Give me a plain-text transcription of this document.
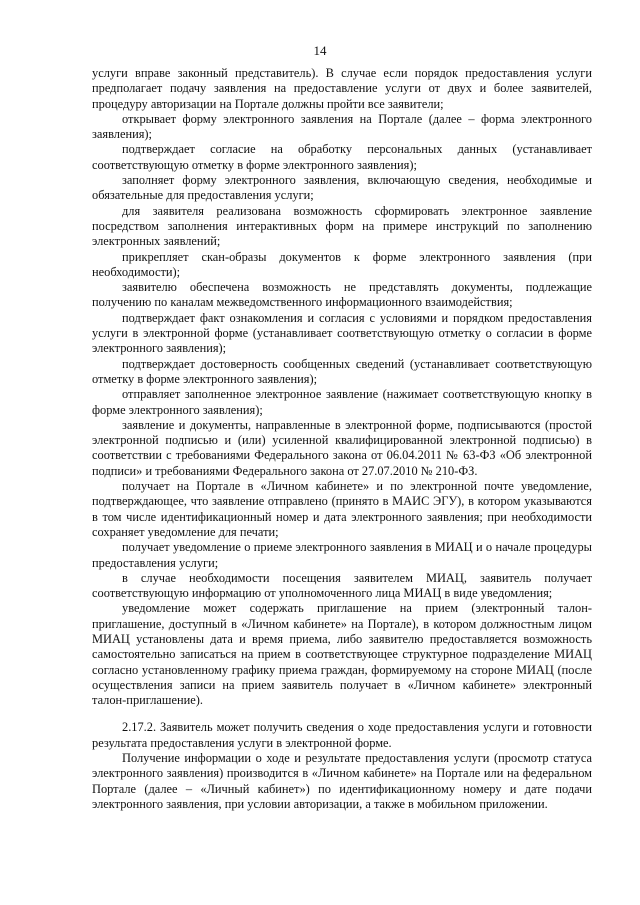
14

услуги вправе законный представитель). В случае если порядок предоставления услуги предполагает подачу заявления на предоставление услуги от двух и более заявителей, процедуру авторизации на Портале должны пройти все заявители;

открывает форму электронного заявления на Портале (далее – форма электронного заявления);

подтверждает согласие на обработку персональных данных (устанавливает соответствующую отметку в форме электронного заявления);

заполняет форму электронного заявления, включающую сведения, необходимые и обязательные для предоставления услуги;

для заявителя реализована возможность сформировать электронное заявление посредством заполнения интерактивных форм на примере инструкций по заполнению электронных заявлений;

прикрепляет скан-образы документов к форме электронного заявления (при необходимости);

заявителю обеспечена возможность не представлять документы, подлежащие получению по каналам межведомственного информационного взаимодействия;

подтверждает факт ознакомления и согласия с условиями и порядком предоставления услуги в электронной форме (устанавливает соответствующую отметку о согласии в форме электронного заявления);

подтверждает достоверность сообщенных сведений (устанавливает соответствующую отметку в форме электронного заявления);

отправляет заполненное электронное заявление (нажимает соответствующую кнопку в форме электронного заявления);

заявление и документы, направленные в электронной форме, подписываются (простой электронной подписью и (или) усиленной квалифицированной электронной подписью) в соответствии с требованиями Федерального закона от 06.04.2011 № 63-ФЗ «Об электронной подписи» и требованиями Федерального закона от 27.07.2010 № 210-ФЗ.

получает на Портале в «Личном кабинете» и по электронной почте уведомление, подтверждающее, что заявление отправлено (принято в МАИС ЭГУ), в котором указываются в том числе идентификационный номер и дата электронного заявления; при необходимости сохраняет уведомление для печати;

получает уведомление о приеме электронного заявления в МИАЦ и о начале процедуры предоставления услуги;

в случае необходимости посещения заявителем МИАЦ, заявитель получает соответствующую информацию от уполномоченного лица МИАЦ в виде уведомления;

уведомление может содержать приглашение на прием (электронный талон-приглашение, доступный в «Личном кабинете» на Портале), в котором должностным лицом МИАЦ установлены дата и время приема, либо заявителю предоставляется возможность самостоятельно записаться на прием в соответствующее структурное подразделение МИАЦ согласно установленному графику приема граждан, формируемому на стороне МИАЦ (после осуществления записи на прием заявитель получает в «Личном кабинете» электронный талон-приглашение).

2.17.2. Заявитель может получить сведения о ходе предоставления услуги и готовности результата предоставления услуги в электронной форме.

Получение информации о ходе и результате предоставления услуги (просмотр статуса электронного заявления) производится в «Личном кабинете» на Портале или на федеральном Портале (далее – «Личный кабинет») по идентификационному номеру и дате подачи электронного заявления, при условии авторизации, а также в мобильном приложении.
